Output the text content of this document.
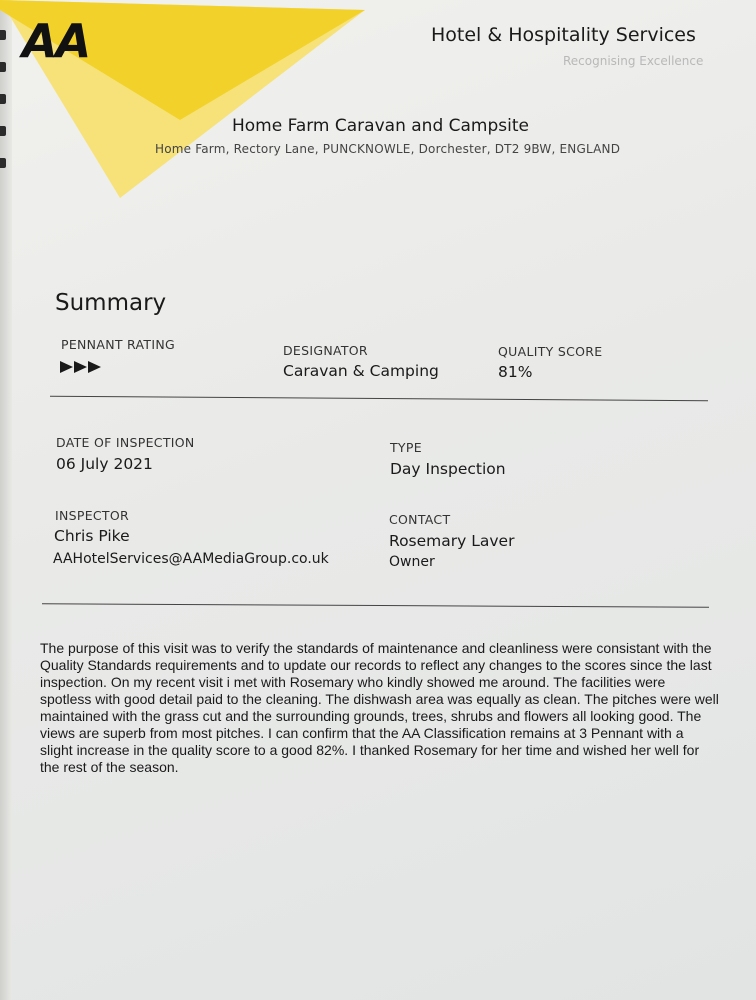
AA	Hotel & Hospitality Services
Recognising Excellence
Home Farm Caravan and Campsite
Home Farm, Rectory Lane, PUNCKNOWLE, Dorchester, DT2 9BW, ENGLAND
Summary
PENNANT RATING	DESIGNATOR
Caravan & Camping
QUALITY SCORE
81%
DATE OF INSPECTION
06 July 2021
TYPE
Day Inspection
INSPECTOR
Chris Pike
AAHotelServices@AAMediaGroup.co.uk
CONTACT
Rosemary Laver
Owner
The purpose of this visit was to verify the standards of maintenance and cleanliness were consistant with the Quality Standards requirements and to update our records to reflect any changes to the scores since the last inspection. On my recent visit i met with Rosemary who kindly showed me around. The facilities were spotless with good detail paid to the cleaning. The dishwash area was equally as clean. The pitches were well maintained with the grass cut and the surrounding grounds, trees, shrubs and flowers all looking good. The views are superb from most pitches. I can confirm that the AA Classification remains at 3 Pennant with a slight increase in the quality score to a good 82%. I thanked Rosemary for her time and wished her well for the rest of the season.
